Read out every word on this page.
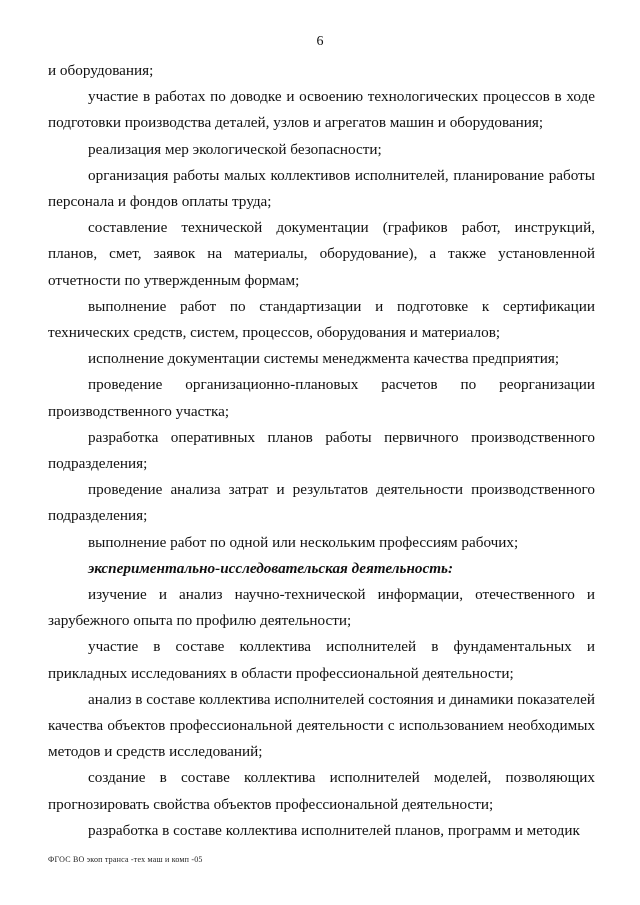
6

и оборудования;

участие в работах по доводке и освоению технологических процессов в ходе подготовки производства деталей, узлов и агрегатов машин и оборудования;

реализация мер экологической безопасности;

организация работы малых коллективов исполнителей, планирование работы персонала и фондов оплаты труда;

составление технической документации (графиков работ, инструкций, планов, смет, заявок на материалы, оборудование), а также установленной отчетности по утвержденным формам;

выполнение работ по стандартизации и подготовке к сертификации технических средств, систем, процессов, оборудования и материалов;

исполнение документации системы менеджмента качества предприятия;

проведение организационно-плановых расчетов по реорганизации производственного участка;

разработка оперативных планов работы первичного производственного подразделения;

проведение анализа затрат и результатов деятельности производственного подразделения;

выполнение работ по одной или нескольким профессиям рабочих;

экспериментально-исследовательская деятельность:

изучение и анализ научно-технической информации, отечественного и зарубежного опыта по профилю деятельности;

участие в составе коллектива исполнителей в фундаментальных и прикладных исследованиях в области профессиональной деятельности;

анализ в составе коллектива исполнителей состояния и динамики показателей качества объектов профессиональной деятельности с использованием необходимых методов и средств исследований;

создание в составе коллектива исполнителей моделей, позволяющих прогнозировать свойства объектов профессиональной деятельности;

разработка в составе коллектива исполнителей планов, программ и методик

ФГОС ВО экоп транса -тех маш и комп -05
